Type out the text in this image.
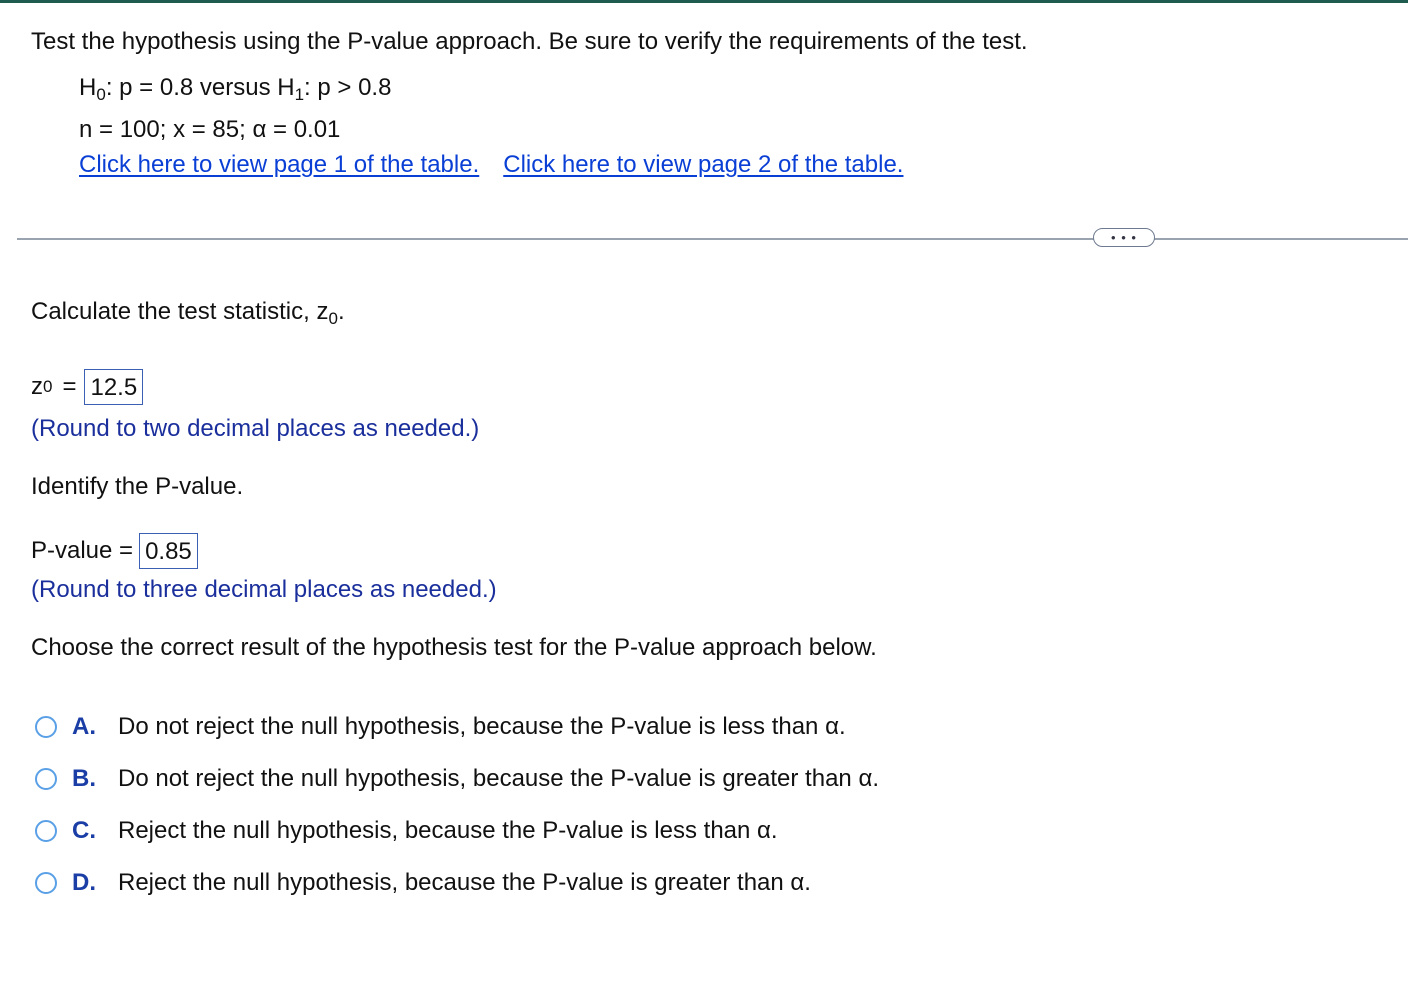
Test the hypothesis using the P-value approach. Be sure to verify the requirements of the test.
$H_0$: p = 0.8 versus $H_1$: p > 0.8
n = 100; x = 85; α = 0.01
Click here to view page 1 of the table. Click here to view page 2 of the table.
• • •
Calculate the test statistic, $z_0$.
z 0 = 12.5
(Round to two decimal places as needed.)
Identify the P-value.
P-value = 0.85
(Round to three decimal places as needed.)
Choose the correct result of the hypothesis test for the P-value approach below.
A. Do not reject the null hypothesis, because the P-value is less than α.
B. Do not reject the null hypothesis, because the P-value is greater than α.
C. Reject the null hypothesis, because the P-value is less than α.
D. Reject the null hypothesis, because the P-value is greater than α.
